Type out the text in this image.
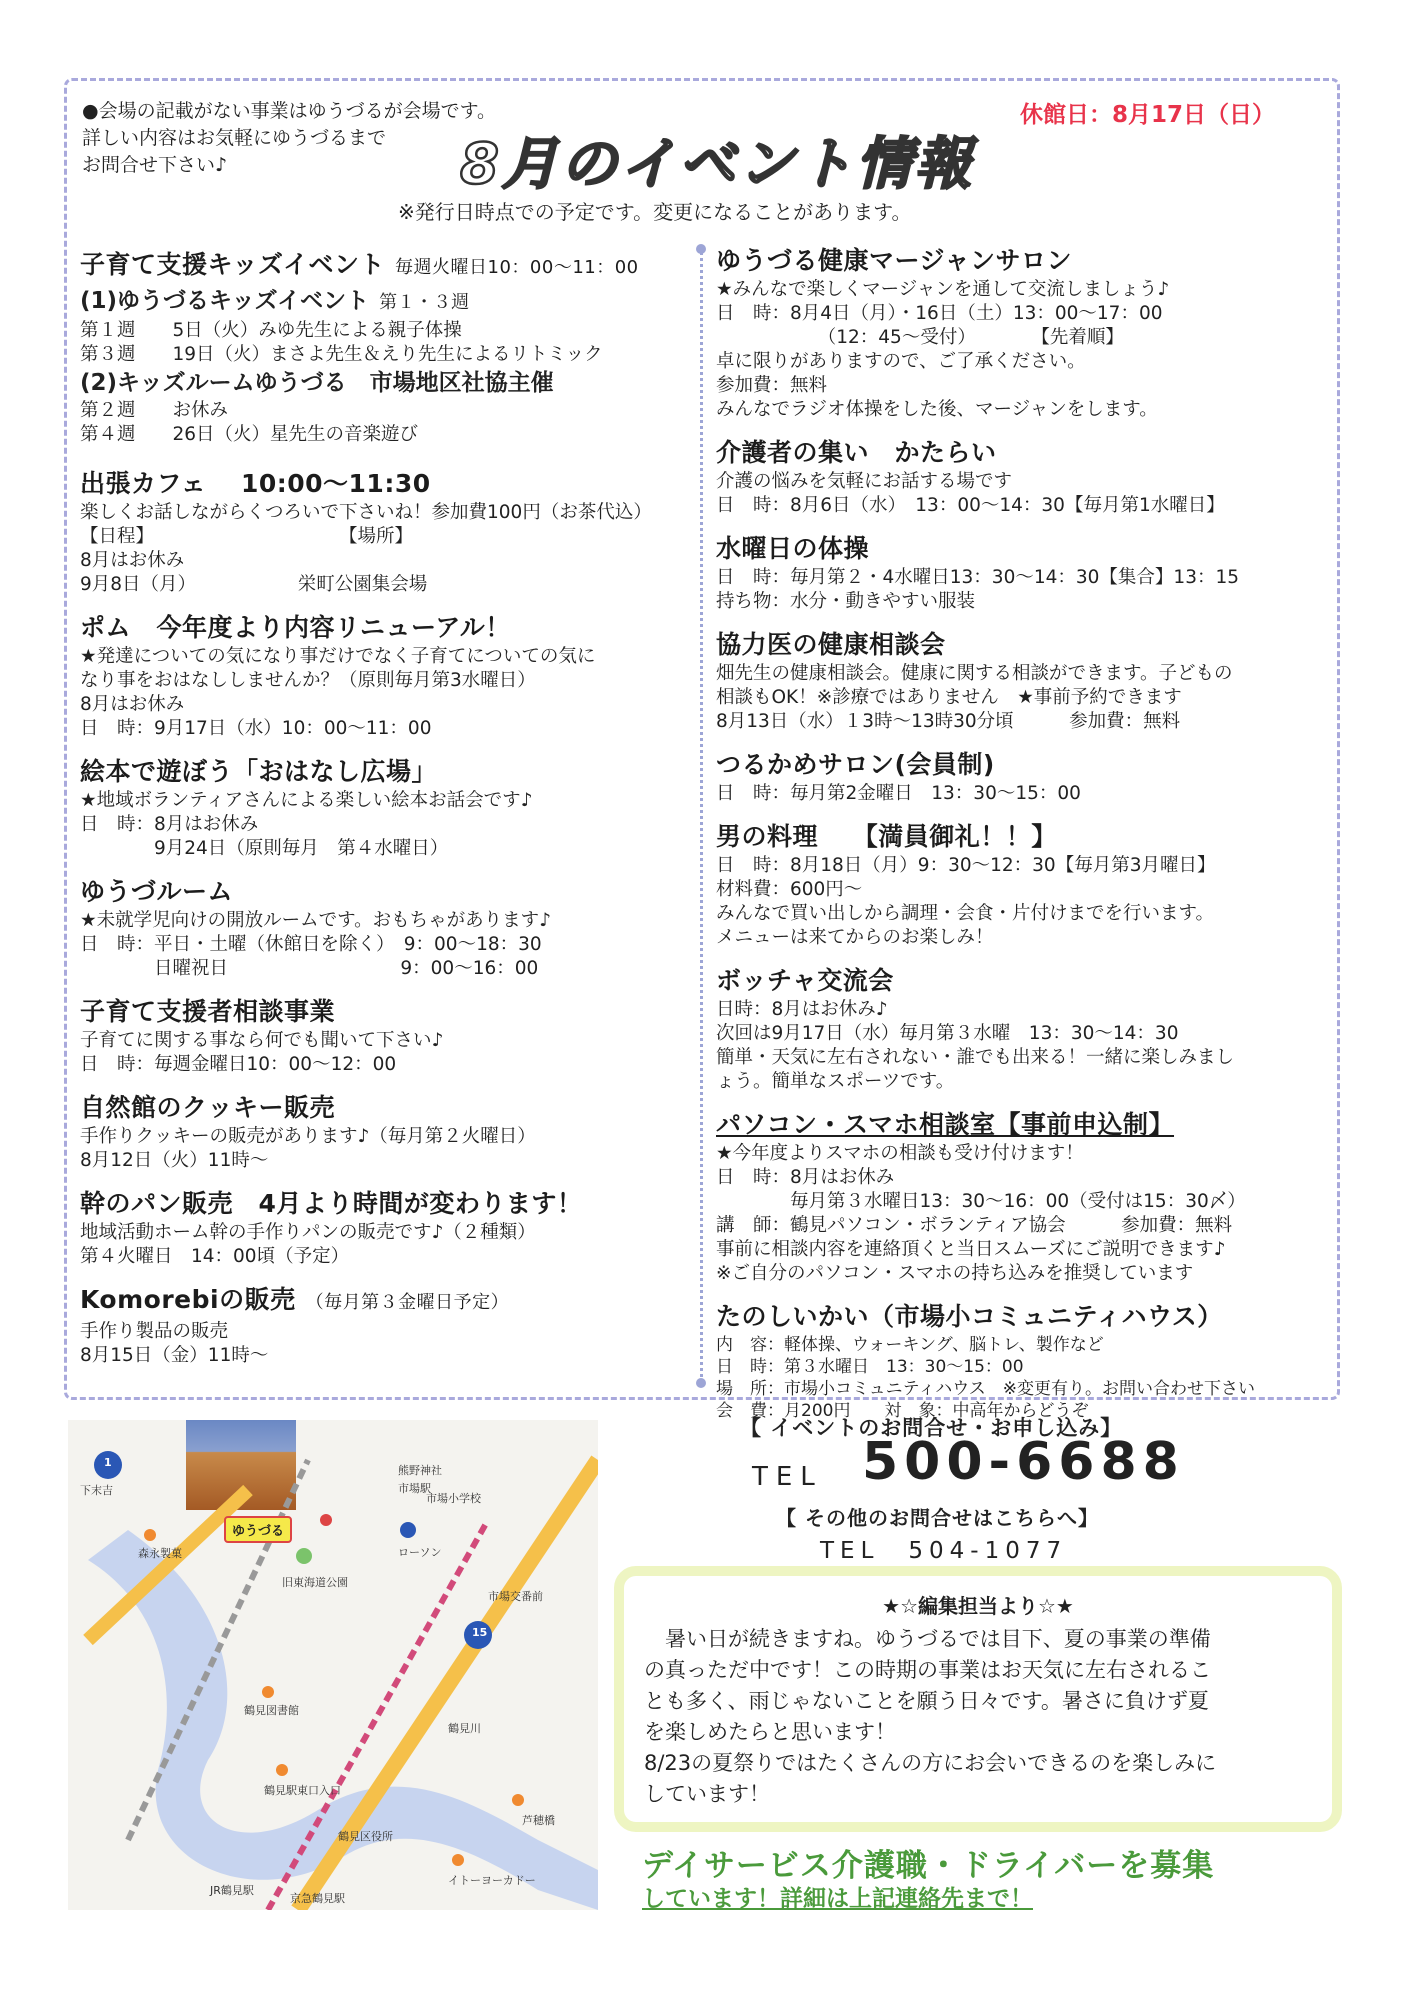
●会場の記載がない事業はゆうづるが会場です。
詳しい内容はお気軽にゆうづるまで
お問合せ下さい♪
休館日：8月17日（日）
8月のイベント情報
※発行日時点での予定です。変更になることがあります。
子育て支援キッズイベント 毎週火曜日10：00～11：00
(1)ゆうづるキッズイベント 第１・３週
第１週　　5日（火）みゆ先生による親子体操
第３週　　19日（火）まさよ先生＆えり先生によるリトミック
(2)キッズルームゆうづる　市場地区社協主催
第２週　　お休み
第４週　　26日（火）星先生の音楽遊び
出張カフェ　 10:00～11:30
楽しくお話しながらくつろいで下さいね！参加費100円（お茶代込）
【日程】　　　　　　　　　　　【場所】
8月はお休み
9月8日（月）　　　　　　栄町公園集会場
ポム　今年度より内容リニューアル！
★発達についての気になり事だけでなく子育てについての気に
なり事をおはなししませんか？（原則毎月第3水曜日）
8月はお休み
日　時：9月17日（水）10：00～11：00
絵本で遊ぼう「おはなし広場」
★地域ボランティアさんによる楽しい絵本お話会です♪
日　時：8月はお休み
　　　　9月24日（原則毎月　第４水曜日）
ゆうづルーム
★未就学児向けの開放ルームです。おもちゃがあります♪
日　時：平日・土曜（休館日を除く）　9：00～18：30
　　　　日曜祝日　　　　　　　　　 9：00～16：00
子育て支援者相談事業
子育てに関する事なら何でも聞いて下さい♪
日　時：毎週金曜日10：00～12：00
自然館のクッキー販売
手作りクッキーの販売があります♪（毎月第２火曜日）
8月12日（火）11時～
幹のパン販売　4月より時間が変わります！
地域活動ホーム幹の手作りパンの販売です♪（２種類）
第４火曜日　14：00頃（予定）
Komorebiの販売 （毎月第３金曜日予定）
手作り製品の販売
8月15日（金）11時～
ゆうづる健康マージャンサロン
★みんなで楽しくマージャンを通して交流しましょう♪
日　時：8月4日（月）・16日（土）13：00～17：00
　　　　　　（12：45～受付）　　　　【先着順】
卓に限りがありますので、ご了承ください。
参加費：無料
みんなでラジオ体操をした後、マージャンをします。
介護者の集い　かたらい
介護の悩みを気軽にお話する場です
日　時：8月6日（水）　13：00～14：30【毎月第1水曜日】
水曜日の体操
日　時：毎月第２・4水曜日13：30～14：30【集合】13：15
持ち物：水分・動きやすい服装
協力医の健康相談会
畑先生の健康相談会。健康に関する相談ができます。子どもの
相談もOK！※診療ではありません　★事前予約できます
8月13日（水）１3時～13時30分頃　　　参加費：無料
つるかめサロン(会員制)
日　時：毎月第2金曜日　13：30～15：00
男の料理　 【満員御礼！！】
日　時：8月18日（月）9：30～12：30【毎月第3月曜日】
材料費：600円～
みんなで買い出しから調理・会食・片付けまでを行います。
メニューは来てからのお楽しみ！
ボッチャ交流会
日時：8月はお休み♪
次回は9月17日（水）毎月第３水曜　13：30～14：30
簡単・天気に左右されない・誰でも出来る！一緒に楽しみまし
ょう。簡単なスポーツです。
パソコン・スマホ相談室【事前申込制】
★今年度よりスマホの相談も受け付けます！
日　時：8月はお休み
　　　　毎月第３水曜日13：30～16：00（受付は15：30〆）
講　師：鶴見パソコン・ボランティア協会　　　参加費：無料
事前に相談内容を連絡頂くと当日スムーズにご説明できます♪
※ご自分のパソコン・スマホの持ち込みを推奨しています
たのしいかい（市場小コミュニティハウス）
内　容：軽体操、ウォーキング、脳トレ、製作など
日　時：第３水曜日　13：30～15：00
場　所：市場小コミュニティハウス　※変更有り。お問い合わせ下さい
会　費：月200円　　対　象：中高年からどうぞ
ゆうづる
1
15
下末吉
森永製菓
旧東海道公園
ローソン
市場交番前
市場小学校
鶴見図書館
鶴見駅東口入口
鶴見区役所
鶴見川
イトーヨーカドー
JR鶴見駅
京急鶴見駅
芦穂橋
熊野神社
市場駅
【 イベントのお問合せ・お申し込み】
TEL 500-6688
【 その他のお問合せはこちらへ】
TEL　504-1077
★☆編集担当より☆★
　暑い日が続きますね。ゆうづるでは目下、夏の事業の準備
の真っただ中です！この時期の事業はお天気に左右されるこ
とも多く、雨じゃないことを願う日々です。暑さに負けず夏
を楽しめたらと思います！
8/23の夏祭りではたくさんの方にお会いできるのを楽しみに
しています！
デイサービス介護職・ドライバーを募集
しています！詳細は上記連絡先まで！
